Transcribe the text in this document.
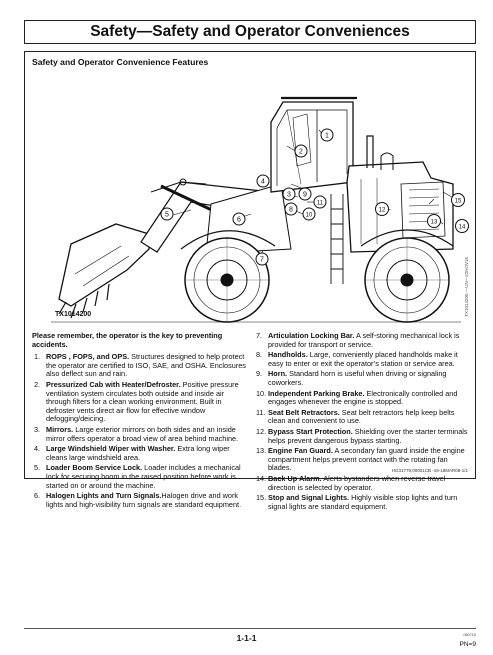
Safety—Safety and Operator Conveniences
Safety and Operator Convenience Features
1
2
3
4
5
6
7
8
9
10
11
12
13
14
15
TX1014200	TX1014200 —UN—22NOV16
Please remember, the operator is the key to preventing accidents.
1. ROPS , FOPS, and OPS. Structures designed to help protect the operator are certified to ISO, SAE, and OSHA. Enclosures also deflect sun and rain.
2. Pressurized Cab with Heater/Defroster. Positive pressure ventilation system circulates both outside and inside air through filters for a clean working environment. Built in defroster vents direct air flow for effective window defogging/deicing.
3. Mirrors. Large exterior mirrors on both sides and an inside mirror offers operator a broad view of area behind machine.
4. Large Windshield Wiper with Washer. Extra long wiper cleans large windshield area.
5. Loader Boom Service Lock. Loader includes a mechanical lock for securing boom in the raised position before work is started on or around the machine.
6. Halogen Lights and Turn Signals.Halogen drive and work lights and high-visibility turn signals are standard equipment.
7. Articulation Locking Bar. A self-storing mechanical lock is provided for transport or service.
8. Handholds. Large, conveniently placed handholds make it easy to enter or exit the operator’s station or service area.
9. Horn. Standard horn is useful when driving or signaling coworkers.
10. Independent Parking Brake. Electronically controlled and engages whenever the engine is stopped.
11. Seat Belt Retractors. Seat belt retractors help keep belts clean and convenient to use.
12. Bypass Start Protection. Shielding over the starter terminals helps prevent dangerous bypass starting.
13. Engine Fan Guard. A secondary fan guard inside the engine compartment helps prevent contact with the rotating fan blades.
14. Back Up Alarm. Alerts bystanders when reverse travel direction is selected by operator.
15. Stop and Signal Lights. Highly visible stop lights and turn signal lights are standard equipment.
HG31779,00001CB -19-18MAR08-1/1
1-1-1	060715
PN=9
